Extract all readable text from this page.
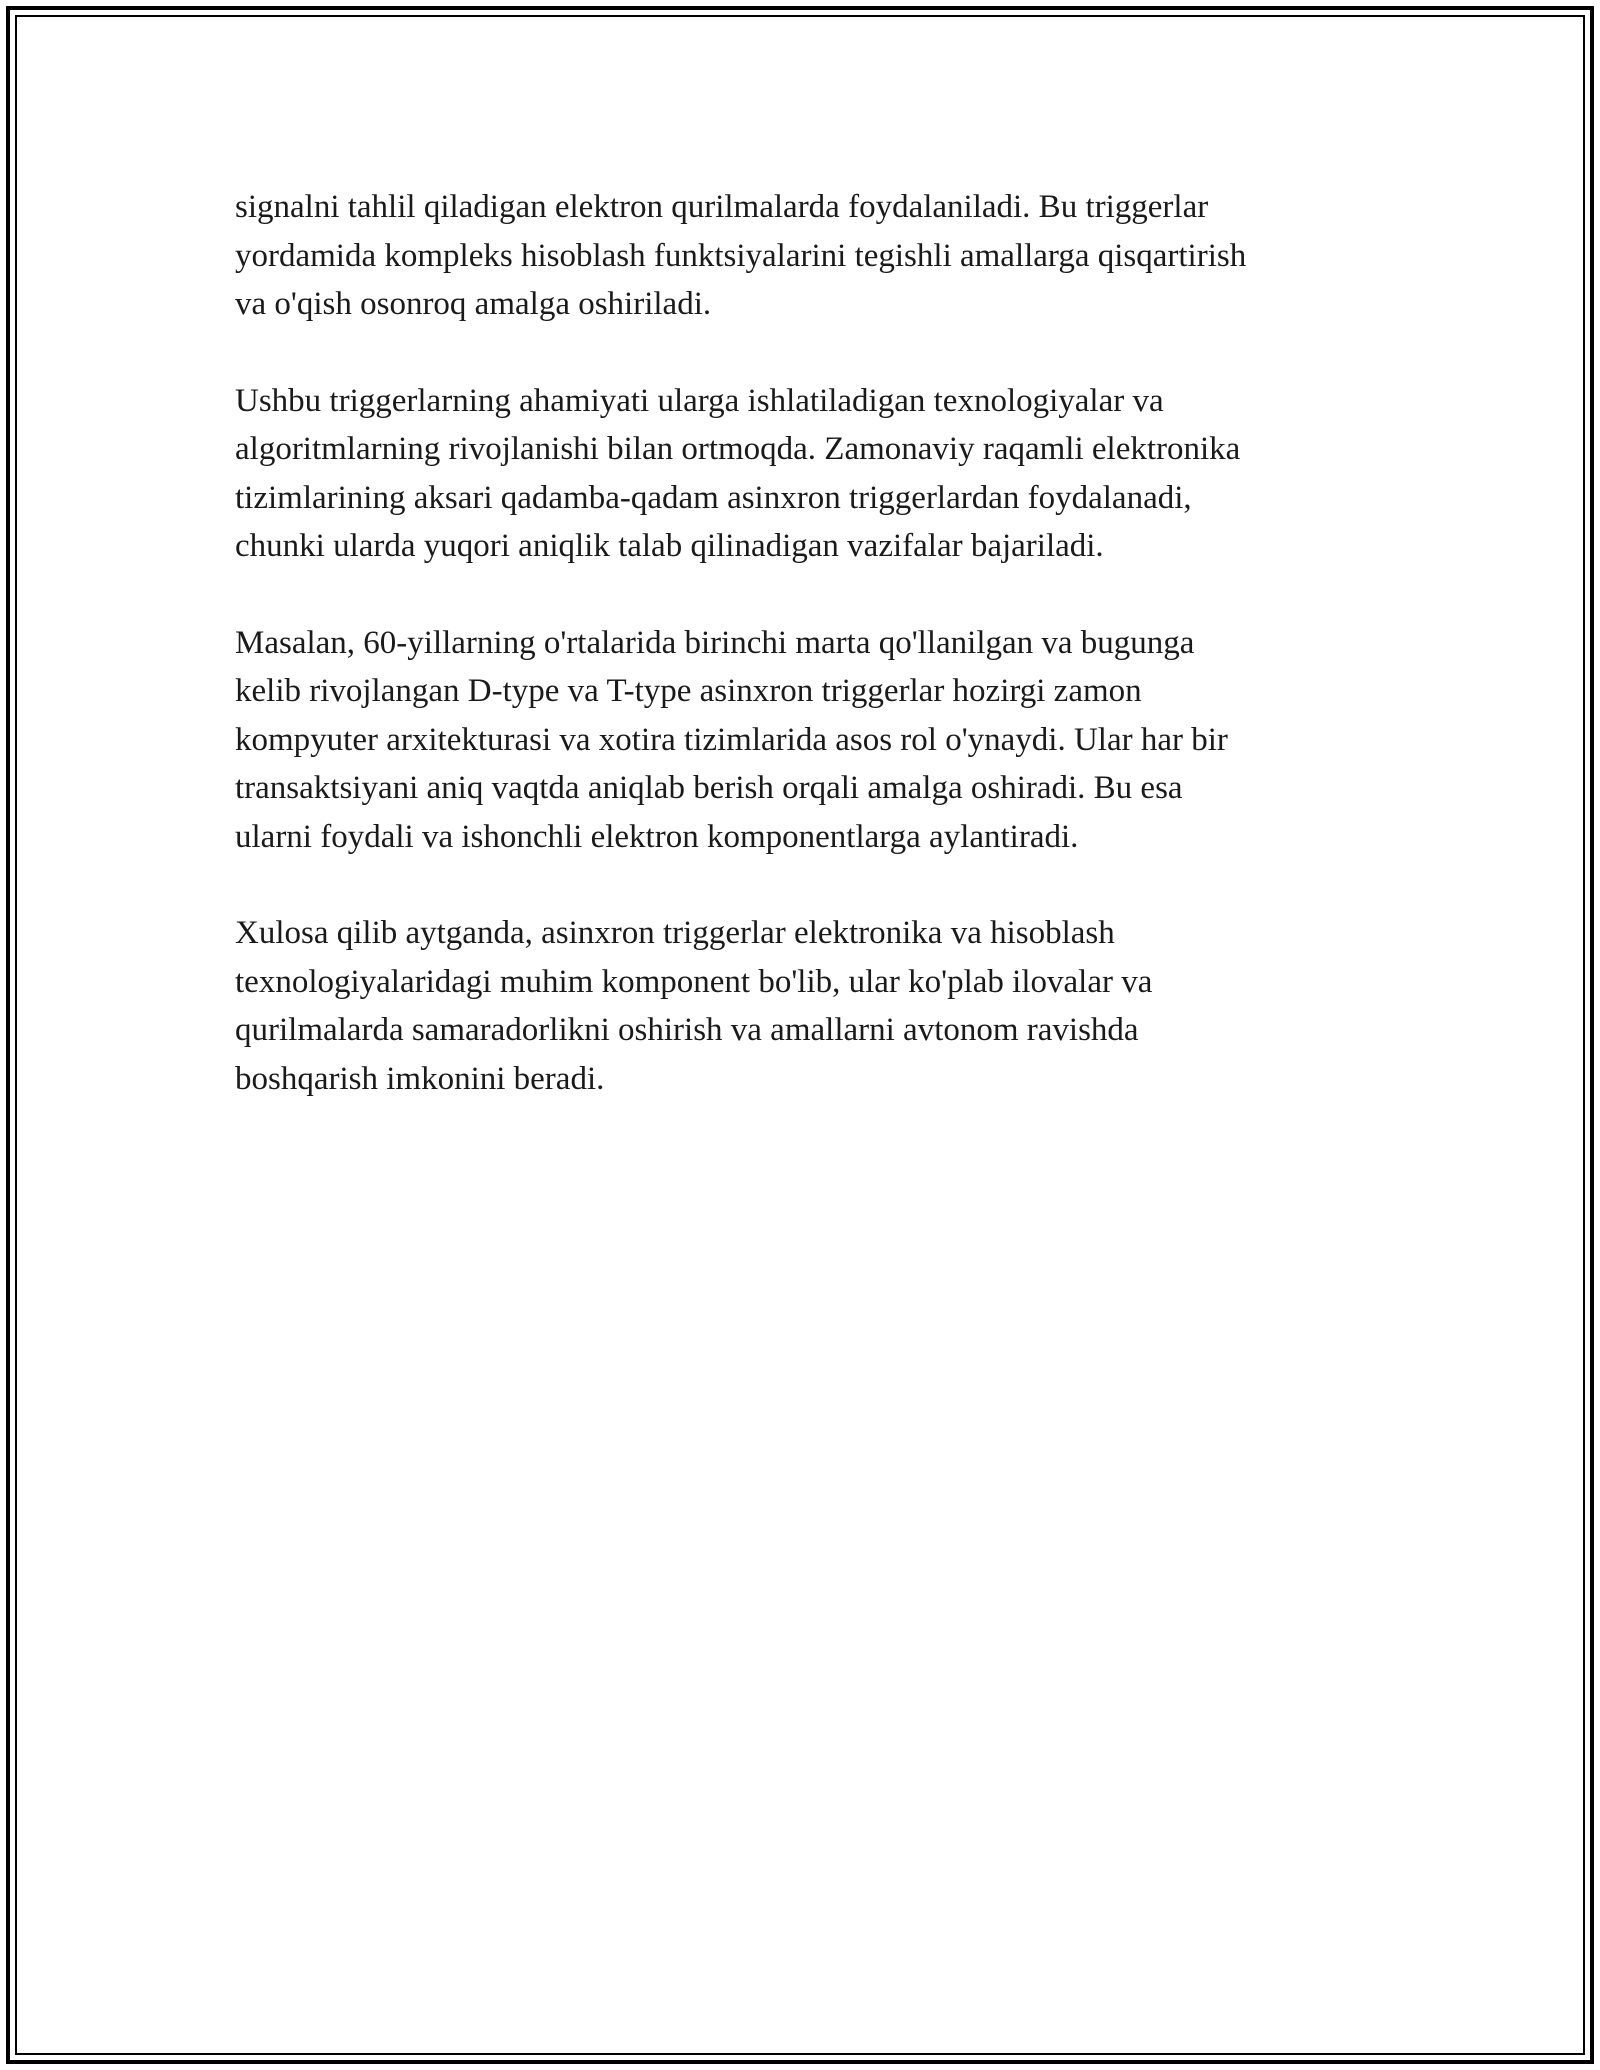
signalni tahlil qiladigan elektron qurilmalarda foydalaniladi. Bu triggerlar
yordamida kompleks hisoblash funktsiyalarini tegishli amallarga qisqartirish
va o'qish osonroq amalga oshiriladi.

Ushbu triggerlarning ahamiyati ularga ishlatiladigan texnologiyalar va
algoritmlarning rivojlanishi bilan ortmoqda. Zamonaviy raqamli elektronika
tizimlarining aksari qadamba-qadam asinxron triggerlardan foydalanadi,
chunki ularda yuqori aniqlik talab qilinadigan vazifalar bajariladi.

Masalan, 60-yillarning o'rtalarida birinchi marta qo'llanilgan va bugunga
kelib rivojlangan D-type va T-type asinxron triggerlar hozirgi zamon
kompyuter arxitekturasi va xotira tizimlarida asos rol o'ynaydi. Ular har bir
transaktsiyani aniq vaqtda aniqlab berish orqali amalga oshiradi. Bu esa
ularni foydali va ishonchli elektron komponentlarga aylantiradi.

Xulosa qilib aytganda, asinxron triggerlar elektronika va hisoblash
texnologiyalaridagi muhim komponent bo'lib, ular ko'plab ilovalar va
qurilmalarda samaradorlikni oshirish va amallarni avtonom ravishda
boshqarish imkonini beradi.
